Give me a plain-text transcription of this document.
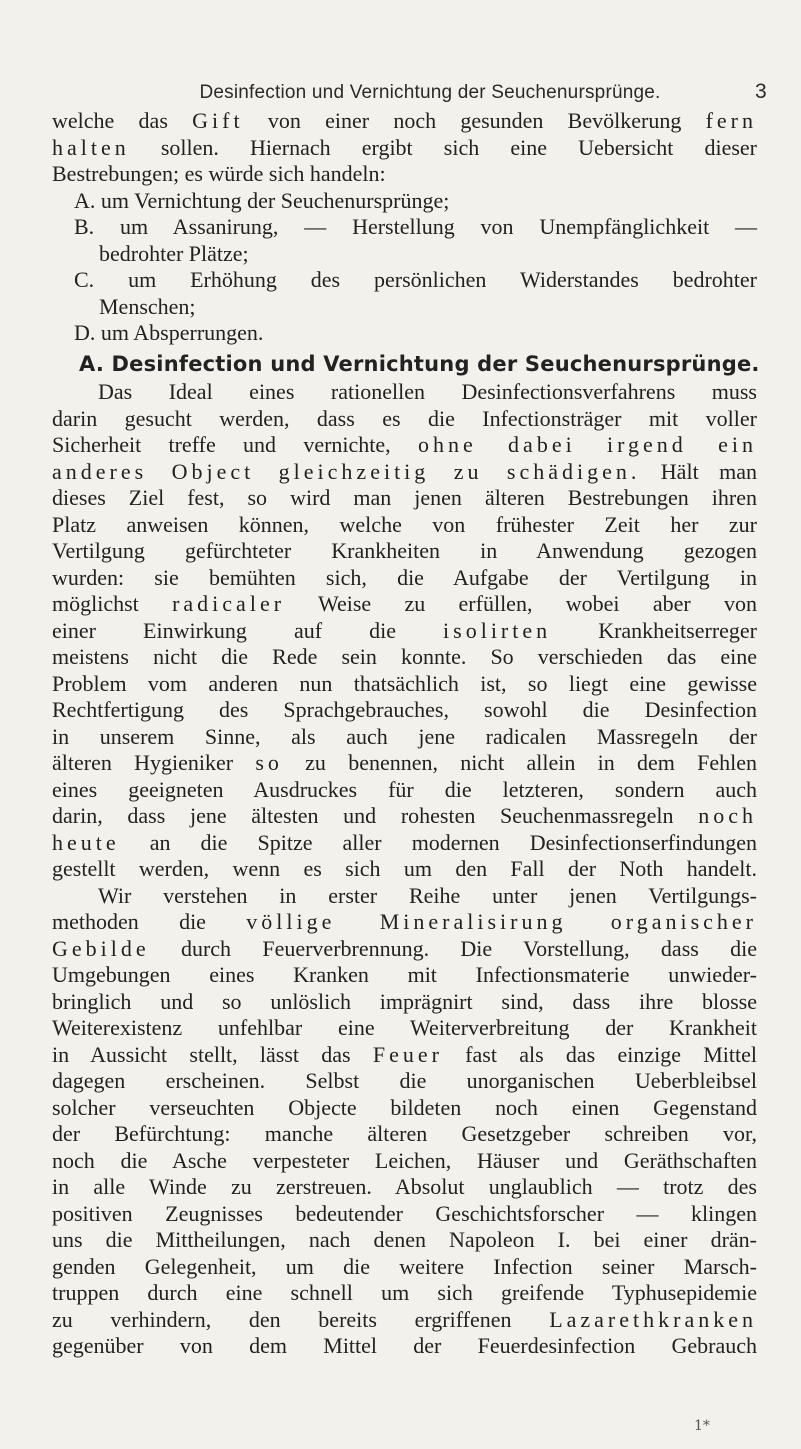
Desinfection und Vernichtung der Seuchenursprünge.	3
welche das Gift von einer noch gesunden Bevölkerung fern
halten sollen. Hiernach ergibt sich eine Uebersicht dieser
Bestrebungen; es würde sich handeln:
A. um Vernichtung der Seuchenursprünge;
B. um Assanirung, — Herstellung von Unempfänglichkeit —
bedrohter Plätze;
C. um Erhöhung des persönlichen Widerstandes bedrohter
Menschen;
D. um Absperrungen.
A. Desinfection und Vernichtung der Seuchenursprünge.
Das Ideal eines rationellen Desinfectionsverfahrens muss
darin gesucht werden, dass es die Infectionsträger mit voller
Sicherheit treffe und vernichte, ohne dabei irgend ein
anderes Object gleichzeitig zu schädigen. Hält man
dieses Ziel fest, so wird man jenen älteren Bestrebungen ihren
Platz anweisen können, welche von frühester Zeit her zur
Vertilgung gefürchteter Krankheiten in Anwendung gezogen
wurden: sie bemühten sich, die Aufgabe der Vertilgung in
möglichst radicaler Weise zu erfüllen, wobei aber von
einer Einwirkung auf die isolirten Krankheitserreger
meistens nicht die Rede sein konnte. So verschieden das eine
Problem vom anderen nun thatsächlich ist, so liegt eine gewisse
Rechtfertigung des Sprachgebrauches, sowohl die Desinfection
in unserem Sinne, als auch jene radicalen Massregeln der
älteren Hygieniker so zu benennen, nicht allein in dem Fehlen
eines geeigneten Ausdruckes für die letzteren, sondern auch
darin, dass jene ältesten und rohesten Seuchenmassregeln noch
heute an die Spitze aller modernen Desinfectionserfindungen
gestellt werden, wenn es sich um den Fall der Noth handelt.
Wir verstehen in erster Reihe unter jenen Vertilgungs-
methoden die völlige Mineralisirung organischer
Gebilde durch Feuerverbrennung. Die Vorstellung, dass die
Umgebungen eines Kranken mit Infectionsmaterie unwieder-
bringlich und so unlöslich imprägnirt sind, dass ihre blosse
Weiterexistenz unfehlbar eine Weiterverbreitung der Krankheit
in Aussicht stellt, lässt das Feuer fast als das einzige Mittel
dagegen erscheinen. Selbst die unorganischen Ueberbleibsel
solcher verseuchten Objecte bildeten noch einen Gegenstand
der Befürchtung: manche älteren Gesetzgeber schreiben vor,
noch die Asche verpesteter Leichen, Häuser und Geräthschaften
in alle Winde zu zerstreuen. Absolut unglaublich — trotz des
positiven Zeugnisses bedeutender Geschichtsforscher — klingen
uns die Mittheilungen, nach denen Napoleon I. bei einer drän-
genden Gelegenheit, um die weitere Infection seiner Marsch-
truppen durch eine schnell um sich greifende Typhusepidemie
zu verhindern, den bereits ergriffenen Lazarethkranken
gegenüber von dem Mittel der Feuerdesinfection Gebrauch
1*
